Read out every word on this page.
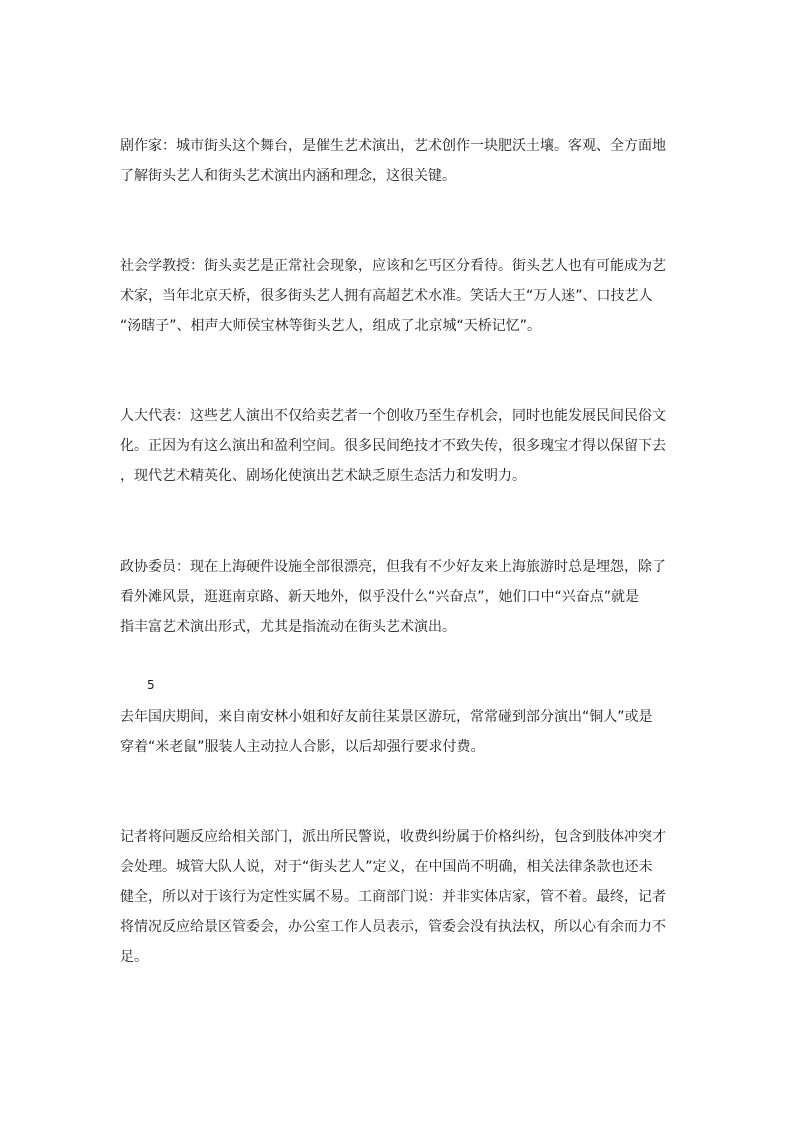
剧作家：城市街头这个舞台，是催生艺术演出，艺术创作一块肥沃土壤。客观、全方面地
了解街头艺人和街头艺术演出内涵和理念，这很关键。
社会学教授：街头卖艺是正常社会现象，应该和乞丐区分看待。街头艺人也有可能成为艺
术家，当年北京天桥，很多街头艺人拥有高超艺术水准。笑话大王“万人迷”、口技艺人
“汤瞎子”、相声大师侯宝林等街头艺人，组成了北京城“天桥记忆”。
人大代表：这些艺人演出不仅给卖艺者一个创收乃至生存机会，同时也能发展民间民俗文
化。正因为有这么演出和盈利空间。很多民间绝技才不致失传，很多瑰宝才得以保留下去
，现代艺术精英化、剧场化使演出艺术缺乏原生态活力和发明力。
政协委员：现在上海硬件设施全部很漂亮，但我有不少好友来上海旅游时总是埋怨，除了
看外滩风景，逛逛南京路、新天地外，似乎没什么“兴奋点”，她们口中“兴奋点”就是
指丰富艺术演出形式，尤其是指流动在街头艺术演出。
5
去年国庆期间，来自南安林小姐和好友前往某景区游玩，常常碰到部分演出“铜人”或是
穿着“米老鼠”服装人主动拉人合影，以后却强行要求付费。
记者将问题反应给相关部门，派出所民警说，收费纠纷属于价格纠纷，包含到肢体冲突才
会处理。城管大队人说，对于“街头艺人”定义，在中国尚不明确，相关法律条款也还未
健全，所以对于该行为定性实属不易。工商部门说：并非实体店家，管不着。最终，记者
将情况反应给景区管委会，办公室工作人员表示，管委会没有执法权，所以心有余而力不
足。
